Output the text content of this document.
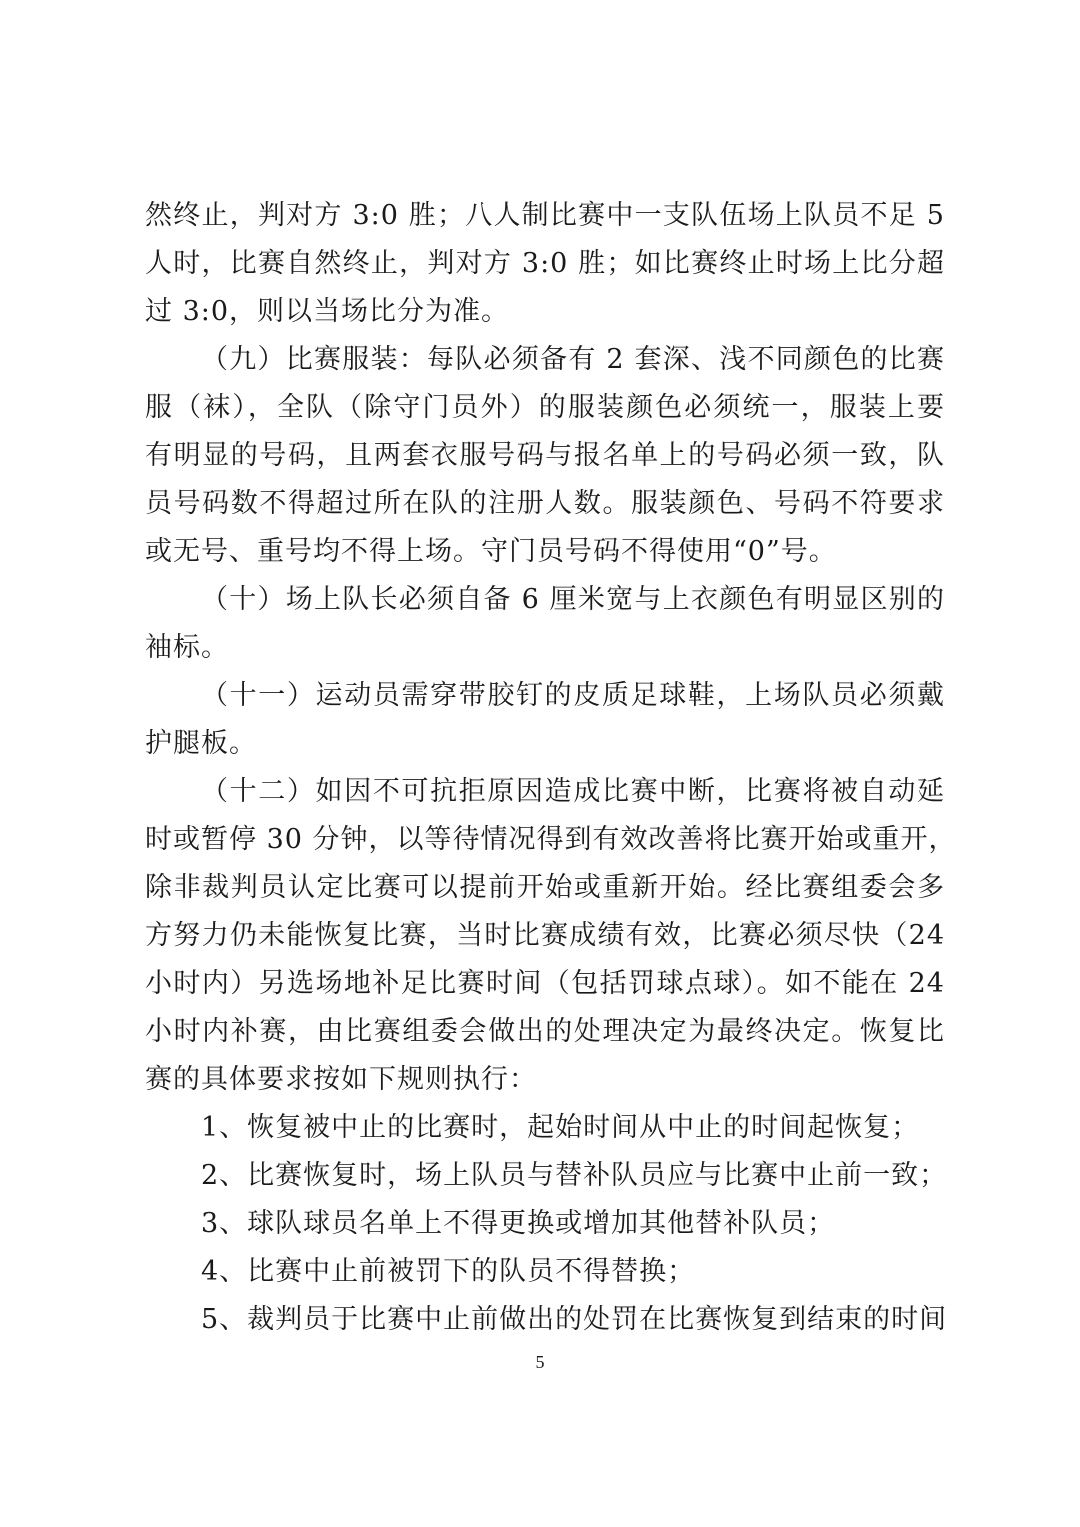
然终止，判对方 3:0 胜；八人制比赛中一支队伍场上队员不足 5
人时，比赛自然终止，判对方 3:0 胜；如比赛终止时场上比分超
过 3:0，则以当场比分为准。
（九）比赛服装：每队必须备有 2 套深、浅不同颜色的比赛
服（袜），全队（除守门员外）的服装颜色必须统一，服装上要
有明显的号码，且两套衣服号码与报名单上的号码必须一致，队
员号码数不得超过所在队的注册人数。服装颜色、号码不符要求
或无号、重号均不得上场。守门员号码不得使用“0”号。
（十）场上队长必须自备 6 厘米宽与上衣颜色有明显区别的
袖标。
（十一）运动员需穿带胶钉的皮质足球鞋，上场队员必须戴
护腿板。
（十二）如因不可抗拒原因造成比赛中断，比赛将被自动延
时或暂停 30 分钟，以等待情况得到有效改善将比赛开始或重开，
除非裁判员认定比赛可以提前开始或重新开始。经比赛组委会多
方努力仍未能恢复比赛，当时比赛成绩有效，比赛必须尽快（24
小时内）另选场地补足比赛时间（包括罚球点球）。如不能在 24
小时内补赛，由比赛组委会做出的处理决定为最终决定。恢复比
赛的具体要求按如下规则执行：
1、恢复被中止的比赛时，起始时间从中止的时间起恢复；
2、比赛恢复时，场上队员与替补队员应与比赛中止前一致；
3、球队球员名单上不得更换或增加其他替补队员；
4、比赛中止前被罚下的队员不得替换；
5、裁判员于比赛中止前做出的处罚在比赛恢复到结束的时间
5
